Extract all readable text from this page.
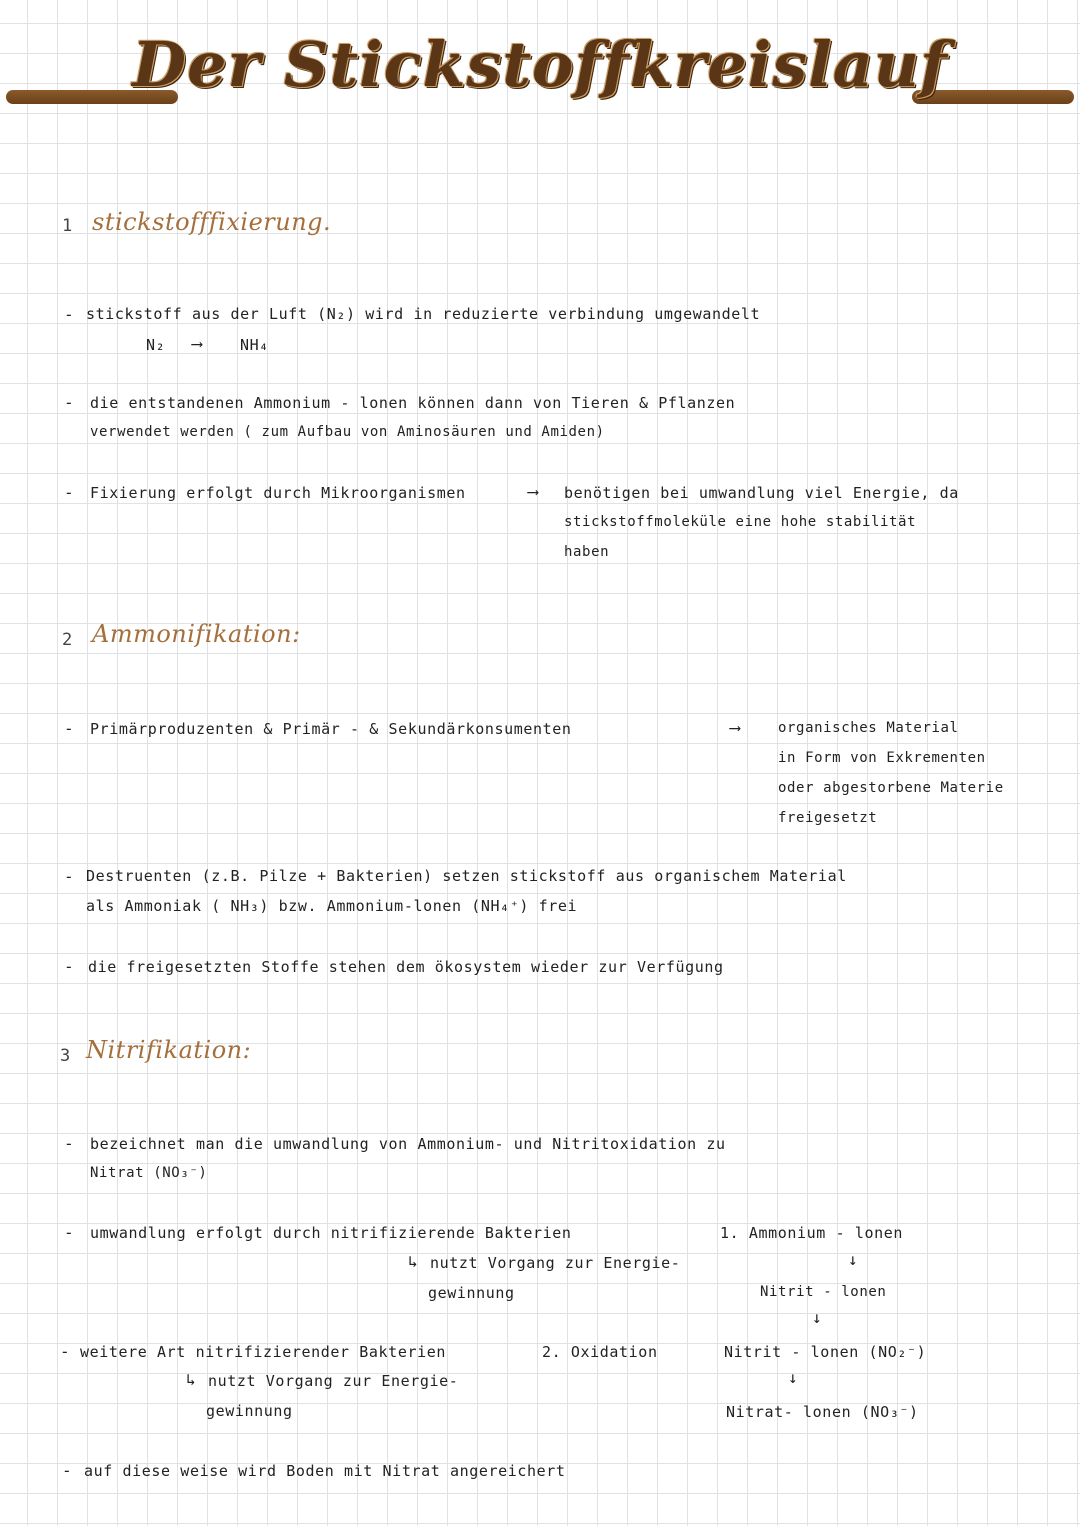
Der Stickstoffkreislauf
1 stickstofffixierung.
- stickstoff aus der Luft (N₂) wird in reduzierte verbindung umgewandelt
N₂ ⟶	NH₄
- die entstandenen Ammonium - lonen können dann von Tieren & Pflanzen
verwendet werden ( zum Aufbau von Aminosäuren und Amiden)
- Fixierung erfolgt durch Mikroorganismen	⟶ benötigen bei umwandlung viel Energie, da
stickstoffmoleküle eine hohe stabilität
haben
2 Ammonifikation:
- Primärproduzenten & Primär - & Sekundärkonsumenten	⟶	organisches Material
in Form von Exkrementen
oder abgestorbene Materie
freigesetzt
- Destruenten (z.B. Pilze + Bakterien) setzen stickstoff aus organischem Material
als Ammoniak ( NH₃) bzw. Ammonium-lonen (NH₄⁺) frei
- die freigesetzten Stoffe stehen dem ökosystem wieder zur Verfügung
3 Nitrifikation:
- bezeichnet man die umwandlung von Ammonium- und Nitritoxidation zu
Nitrat (NO₃⁻)
- umwandlung erfolgt durch nitrifizierende Bakterien
↳ nutzt Vorgang zur Energie-
gewinnung
1. Ammonium - lonen
↓
Nitrit - lonen
↓
- weitere Art nitrifizierender Bakterien
↳ nutzt Vorgang zur Energie-
gewinnung
2. Oxidation	Nitrit - lonen (NO₂⁻)
↓
Nitrat- lonen (NO₃⁻)
- auf diese weise wird Boden mit Nitrat angereichert
